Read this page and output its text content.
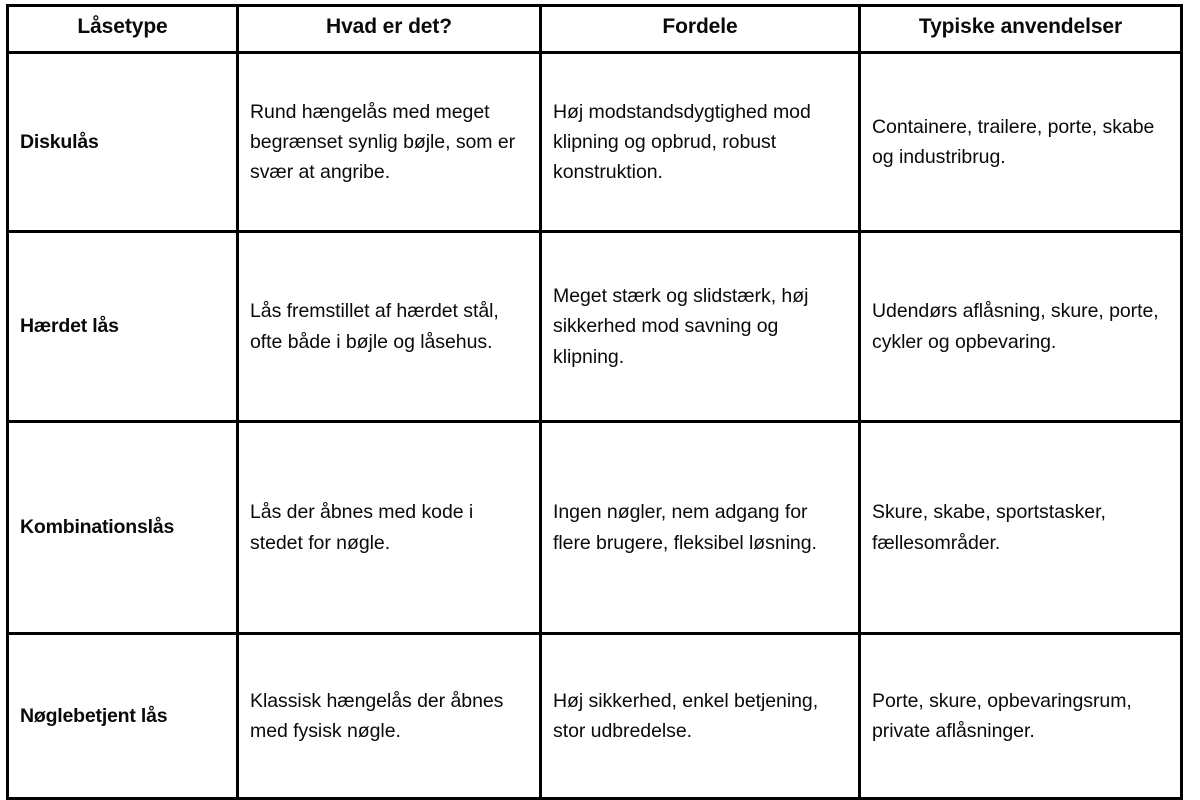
Låsetype	Hvad er det?	Fordele	Typiske anvendelser
Diskulås	Rund hængelås med meget begrænset synlig bøjle, som er svær at angribe.	Høj modstandsdygtighed mod klipning og opbrud, robust konstruktion.	Containere, trailere, porte, skabe og industribrug.
Hærdet lås	Lås fremstillet af hærdet stål, ofte både i bøjle og låsehus.	Meget stærk og slidstærk, høj sikkerhed mod savning og klipning.	Udendørs aflåsning, skure, porte, cykler og opbevaring.
Kombinationslås	Lås der åbnes med kode i stedet for nøgle.	Ingen nøgler, nem adgang for flere brugere, fleksibel løsning.	Skure, skabe, sportstasker, fællesområder.
Nøglebetjent lås	Klassisk hængelås der åbnes med fysisk nøgle.	Høj sikkerhed, enkel betjening, stor udbredelse.	Porte, skure, opbevaringsrum, private aflåsninger.
